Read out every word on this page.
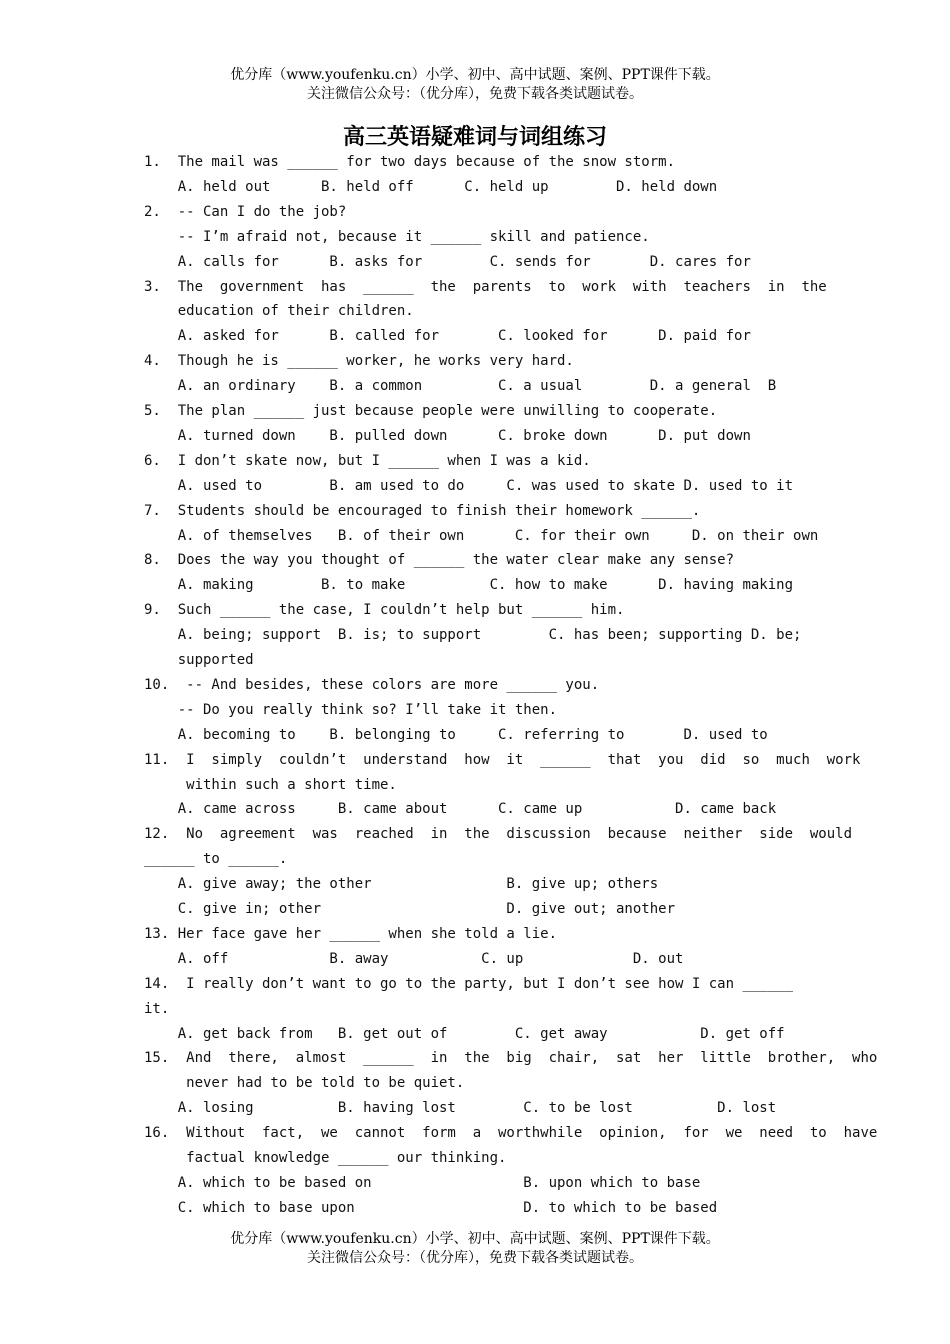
优分库（www.youfenku.cn）小学、初中、高中试题、案例、PPT课件下载。
关注微信公众号：（优分库），免费下载各类试题试卷。
高三英语疑难词与词组练习

1.  The mail was ______ for two days because of the snow storm.

A. held out      B. held off      C. held up        D. held down

2.  -- Can I do the job?

-- I’m afraid not, because it ______ skill and patience.

A. calls for      B. asks for        C. sends for       D. cares for

3.  The  government  has  ______  the  parents  to  work  with  teachers  in  the

education of their children.

A. asked for      B. called for       C. looked for      D. paid for

4.  Though he is ______ worker, he works very hard.

A. an ordinary    B. a common         C. a usual        D. a general  B

5.  The plan ______ just because people were unwilling to cooperate.

A. turned down    B. pulled down      C. broke down      D. put down

6.  I don’t skate now, but I ______ when I was a kid.

A. used to        B. am used to do     C. was used to skate D. used to it

7.  Students should be encouraged to finish their homework ______.

A. of themselves   B. of their own      C. for their own     D. on their own

8.  Does the way you thought of ______ the water clear make any sense?

A. making        B. to make          C. how to make      D. having making

9.  Such ______ the case, I couldn’t help but ______ him.

A. being; support  B. is; to support        C. has been; supporting D. be;

supported

10.  -- And besides, these colors are more ______ you.

-- Do you really think so? I’ll take it then.

A. becoming to    B. belonging to     C. referring to       D. used to

11.  I  simply  couldn’t  understand  how  it  ______  that  you  did  so  much  work

within such a short time.

A. came across     B. came about      C. came up           D. came back

12.  No  agreement  was  reached  in  the  discussion  because  neither  side  would

______ to ______.

A. give away; the other                B. give up; others

C. give in; other                      D. give out; another

13. Her face gave her ______ when she told a lie.

A. off            B. away           C. up             D. out

14.  I really don’t want to go to the party, but I don’t see how I can ______

it.

A. get back from   B. get out of        C. get away           D. get off

15.  And  there,  almost  ______  in  the  big  chair,  sat  her  little  brother,  who

never had to be told to be quiet.

A. losing          B. having lost        C. to be lost          D. lost

16.  Without  fact,  we  cannot  form  a  worthwhile  opinion,  for  we  need  to  have

factual knowledge ______ our thinking.

A. which to be based on                  B. upon which to base

C. which to base upon                    D. to which to be based

优分库（www.youfenku.cn）小学、初中、高中试题、案例、PPT课件下载。
关注微信公众号：（优分库），免费下载各类试题试卷。
